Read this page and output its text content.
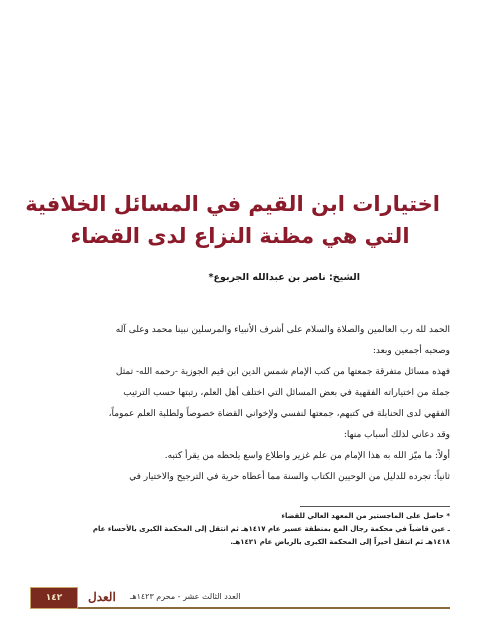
اختيارات ابن القيم في المسائل الخلافية

التي هي مظنة النزاع لدى القضاء

الشيخ: ناصر بن عبدالله الجربوع*

الحمد لله رب العالمين والصلاة والسلام على أشرف الأنبياء والمرسلين نبينا محمد وعلى آله

وصحبه أجمعين وبعد:

فهذه مسائل متفرقة جمعتها من كتب الإمام شمس الدين ابن قيم الجوزية -رحمه الله- تمثل

جملة من اختياراته الفقهية في بعض المسائل التي اختلف أهل العلم، رتبتها حسب الترتيب

الفقهي لدى الحنابلة في كتبهم، جمعتها لنفسي ولإخواني القضاة خصوصاً ولطلبة العلم عموماً،

وقد دعاني لذلك أسباب منها:

أولاً: ما ميّز الله به هذا الإمام من علم غزير واطلاع واسع يلحظه من يقرأ كتبه.

ثانياً: تجرده للدليل من الوحيين الكتاب والسنة مما أعطاه حرية في الترجيح والاختيار في

* حاصل على الماجستير من المعهد العالي للقضاء

ـ عين قاضياً في محكمة رجال المع بمنطقة عسير عام ١٤١٧هـ ثم انتقل إلى المحكمة الكبرى بالأحساء عام

١٤١٨هـ ثم انتقل أخيراً إلى المحكمة الكبرى بالرياض عام ١٤٢١هـ.

١٤٢	العدل	العدد الثالث عشر - محرم ١٤٢٣هـ
